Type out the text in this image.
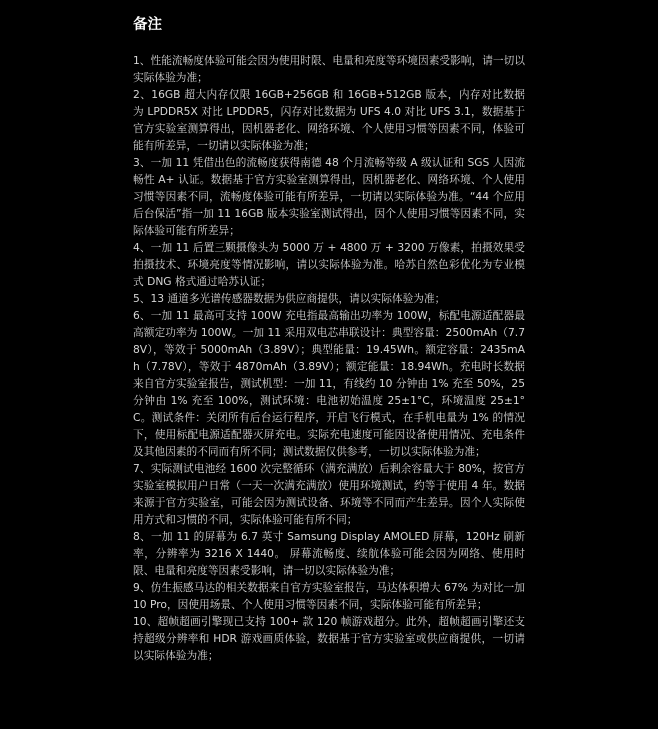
备注
1、性能流畅度体验可能会因为使用时限、电量和亮度等环境因素受影响，请一切以实际体验为准；
2、16GB 超大内存仅限 16GB+256GB 和 16GB+512GB 版本，内存对比数据为 LPDDR5X 对比 LPDDR5，闪存对比数据为 UFS 4.0 对比 UFS 3.1，数据基于官方实验室测算得出，因机器老化、网络环境、个人使用习惯等因素不同，体验可能有所差异，一切请以实际体验为准；
3、一加 11 凭借出色的流畅度获得南德 48 个月流畅等级 A 级认证和 SGS 人因流畅性 A+ 认证。数据基于官方实验室测算得出，因机器老化、网络环境、个人使用习惯等因素不同，流畅度体验可能有所差异，一切请以实际体验为准。“44 个应用后台保活”指一加 11 16GB 版本实验室测试得出，因个人使用习惯等因素不同，实际体验可能有所差异；
4、一加 11 后置三颗摄像头为 5000 万 + 4800 万 + 3200 万像素，拍摄效果受拍摄技术、环境亮度等情况影响，请以实际体验为准。哈苏自然色彩优化为专业模式 DNG 格式通过哈苏认证；
5、13 通道多光谱传感器数据为供应商提供，请以实际体验为准；
6、一加 11 最高可支持 100W 充电指最高输出功率为 100W，标配电源适配器最高额定功率为 100W。一加 11 采用双电芯串联设计：典型容量：2500mAh（7.78V），等效于 5000mAh（3.89V）；典型能量：19.45Wh。额定容量：2435mAh（7.78V），等效于 4870mAh（3.89V）；额定能量：18.94Wh。充电时长数据来自官方实验室报告，测试机型：一加 11，有线约 10 分钟由 1% 充至 50%，25 分钟由 1% 充至 100%，测试环境：电池初始温度 25±1°C，环境温度 25±1°C。测试条件：关闭所有后台运行程序，开启飞行模式，在手机电量为 1% 的情况下，使用标配电源适配器灭屏充电。实际充电速度可能因设备使用情况、充电条件及其他因素的不同而有所不同；测试数据仅供参考，一切以实际体验为准；
7、实际测试电池经 1600 次完整循环（满充满放）后剩余容量大于 80%，按官方实验室模拟用户日常（一天一次满充满放）使用环境测试，约等于使用 4 年。数据来源于官方实验室，可能会因为测试设备、环境等不同而产生差异。因个人实际使用方式和习惯的不同，实际体验可能有所不同；
8、一加 11 的屏幕为 6.7 英寸 Samsung Display AMOLED 屏幕，120Hz 刷新率，分辨率为 3216 X 1440。 屏幕流畅度、续航体验可能会因为网络、使用时限、电量和亮度等因素受影响，请一切以实际体验为准；
9、仿生振感马达的相关数据来自官方实验室报告，马达体积增大 67% 为对比一加 10 Pro，因使用场景、个人使用习惯等因素不同，实际体验可能有所差异；
10、超帧超画引擎现已支持 100+ 款 120 帧游戏超分。此外，超帧超画引擎还支持超级分辨率和 HDR 游戏画质体验，数据基于官方实验室或供应商提供，一切请以实际体验为准；
